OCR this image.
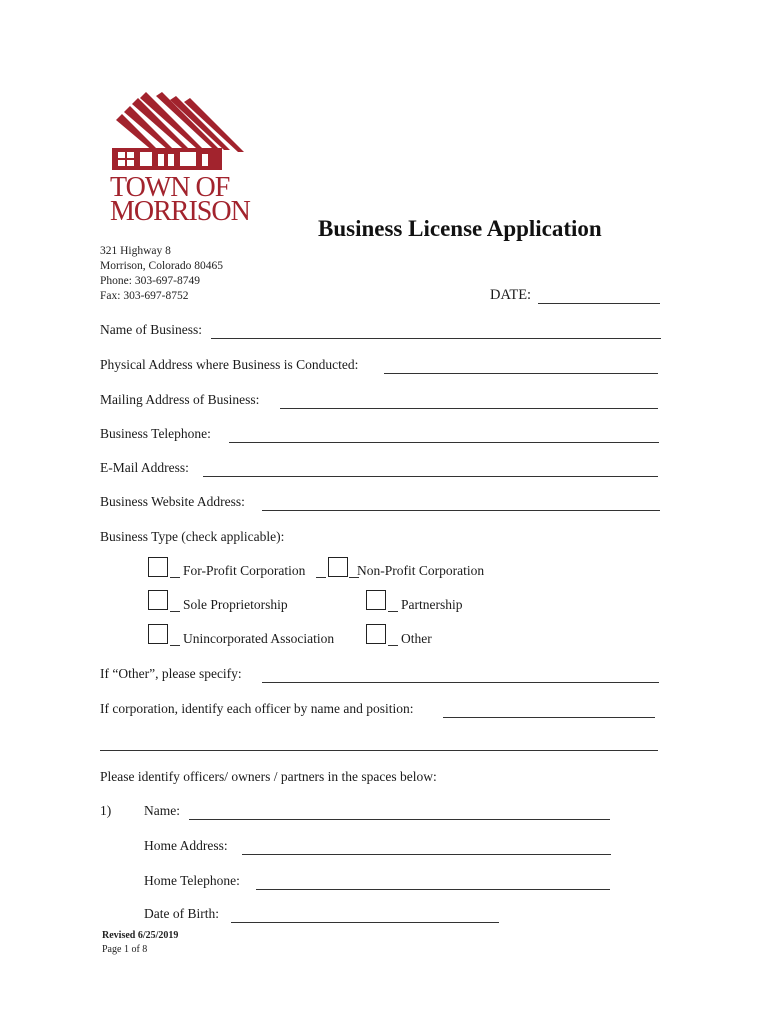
TOWN OF
MORRISON
Business License Application
321 Highway 8
Morrison, Colorado 80465
Phone: 303-697-8749
Fax: 303-697-8752	DATE:
Name of Business:
Physical Address where Business is Conducted:
Mailing Address of Business:
Business Telephone:
E-Mail Address:
Business Website Address:
Business Type (check applicable):
For-Profit Corporation	Non-Profit Corporation
Sole Proprietorship	Partnership
Unincorporated Association	Other
If “Other”, please specify:
If corporation, identify each officer by name and position:
Please identify officers/ owners / partners in the spaces below:
1) Name:
Home Address:
Home Telephone:
Date of Birth:
Revised 6/25/2019
Page 1 of 8
